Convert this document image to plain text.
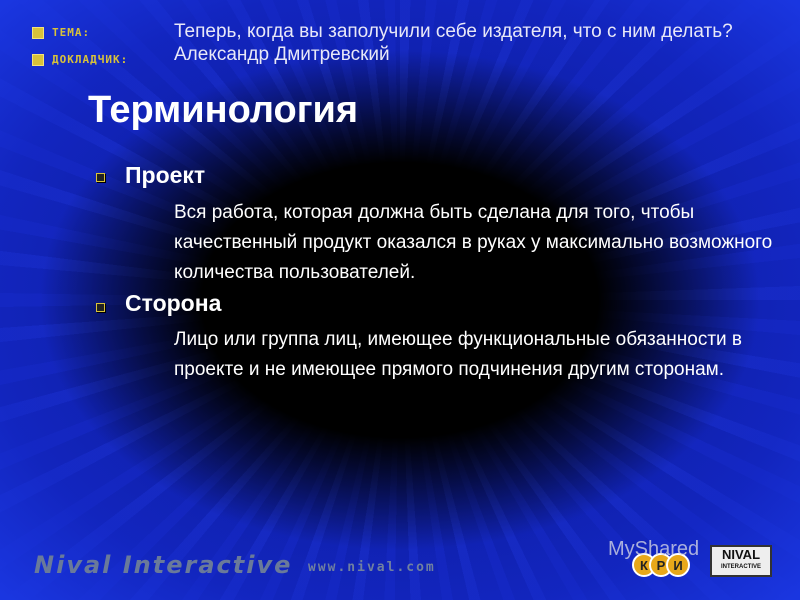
ТЕМА:
ДОКЛАДЧИК:
Теперь, когда вы заполучили себе издателя, что с ним делать?
Александр Дмитревский
Терминология
Проект
Вся работа, которая должна быть сделана для того, чтобы качественный продукт оказался в руках у максимально возможного количества пользователей.
Сторона
Лицо или группа лиц, имеющее функциональные обязанности в проекте и не имеющее прямого подчинения другим сторонам.
Nival Interactive www.nival.com	К Р И
NIVAL
INTERACTIVE
MyShared
